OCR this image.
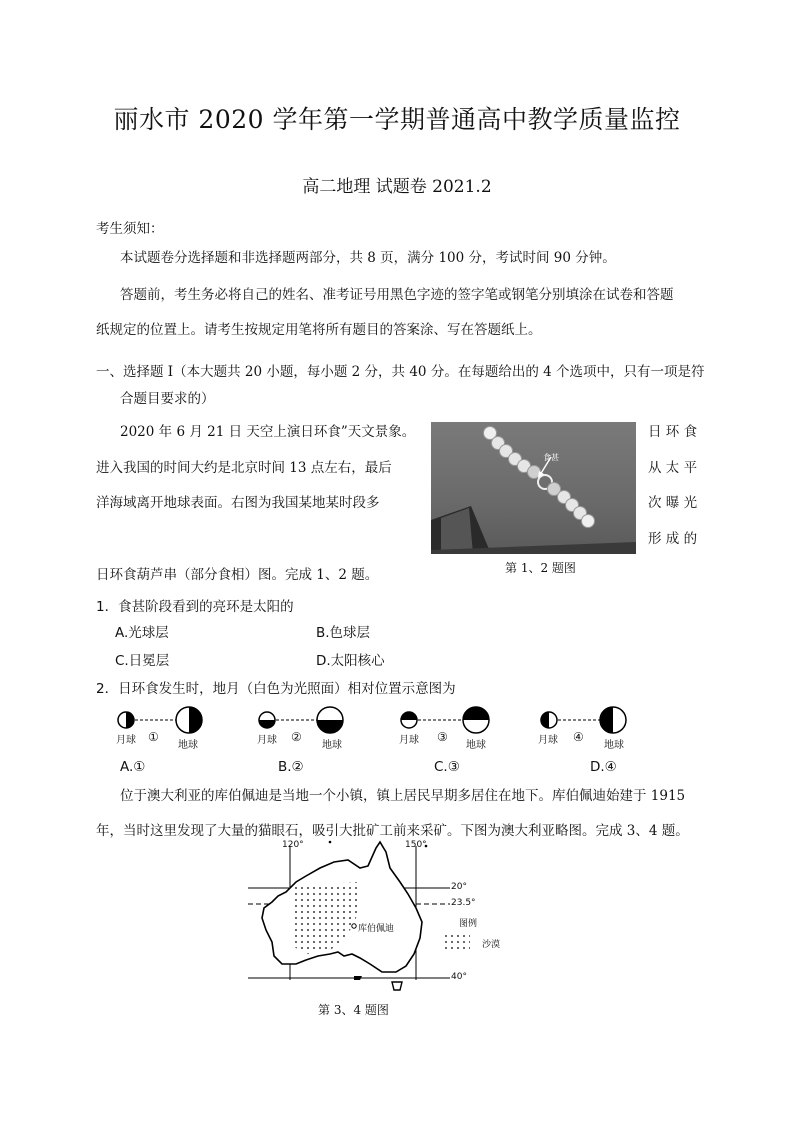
丽水市 2020 学年第一学期普通高中教学质量监控
高二地理 试题卷 2021.2
考生须知：
本试题卷分选择题和非选择题两部分，共 8 页，满分 100 分，考试时间 90 分钟。
答题前，考生务必将自己的姓名、准考证号用黑色字迹的签字笔或钢笔分别填涂在试卷和答题
纸规定的位置上。请考生按规定用笔将所有题目的答案涂、写在答题纸上。
一、选择题 I（本大题共 20 小题，每小题 2 分，共 40 分。在每题给出的 4 个选项中，只有一项是符
合题目要求的）
2020 年 6 月 21 日 天空上演日环食”天文景象。
进入我国的时间大约是北京时间 13 点左右，最后
洋海域离开地球表面。右图为我国某地某时段多
日环食葫芦串（部分食相）图。完成 1、2 题。
日 环 食
从 太 平
次 曝 光
形 成 的
食甚
第 1、2 题图
1．食甚阶段看到的亮环是太阳的
A.光球层	B.色球层
C.日冕层	D.太阳核心
2．日环食发生时，地月（白色为光照面）相对位置示意图为
月球 ①
地球	月球 ②
地球	月球 ③
地球	月球 ④
地球
A.①	B.②	C.③	D.④
位于澳大利亚的库伯佩迪是当地一个小镇，镇上居民早期多居住在地下。库伯佩迪始建于 1915
年，当时这里发现了大量的猫眼石，吸引大批矿工前来采矿。下图为澳大利亚略图。完成 3、4 题。
120°	150°
20°
23.5°
40°
库伯佩迪	图例
沙漠
第 3、4 题图
